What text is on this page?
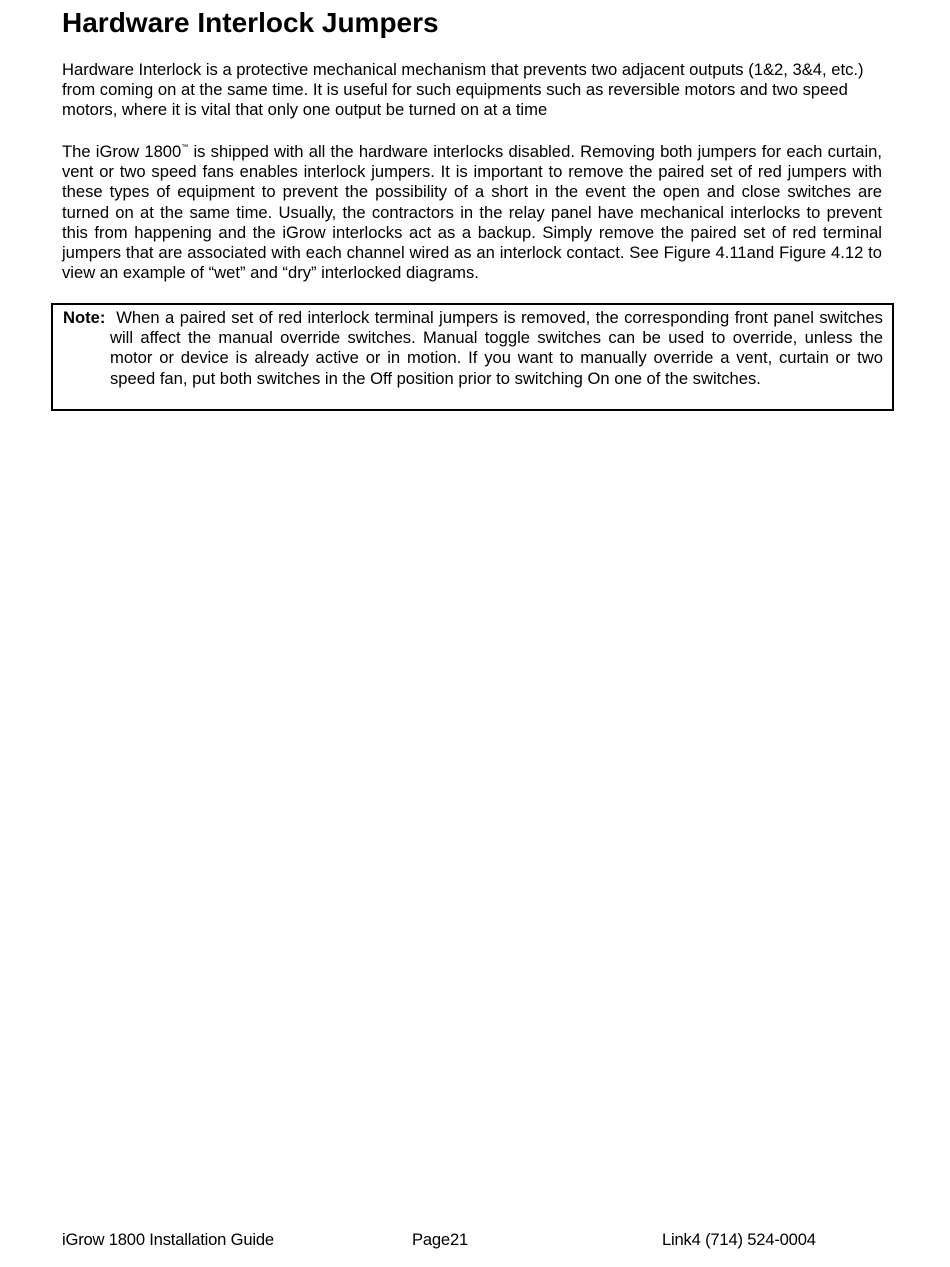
Hardware Interlock Jumpers

Hardware Interlock is a protective mechanical mechanism that prevents two adjacent outputs (1&2, 3&4, etc.) from coming on at the same time. It is useful for such equipments such as reversible motors and two speed motors, where it is vital that only one output be turned on at a time

The iGrow 1800™ is shipped with all the hardware interlocks disabled. Removing both jumpers for each curtain, vent or two speed fans enables interlock jumpers. It is important to remove the paired set of red jumpers with these types of equipment to prevent the possibility of a short in the event the open and close switches are turned on at the same time. Usually, the contractors in the relay panel have mechanical interlocks to prevent this from happening and the iGrow interlocks act as a backup. Simply remove the paired set of red terminal jumpers that are associated with each channel wired as an interlock contact. See Figure 4.11and Figure 4.12 to view an example of “wet” and “dry” interlocked diagrams.

Note: When a paired set of red interlock terminal jumpers is removed, the corresponding front panel switches will affect the manual override switches. Manual toggle switches can be used to override, unless the motor or device is already active or in motion. If you want to manually override a vent, curtain or two speed fan, put both switches in the Off position prior to switching On one of the switches.
iGrow 1800 Installation Guide	Page21	Link4 (714) 524-0004
